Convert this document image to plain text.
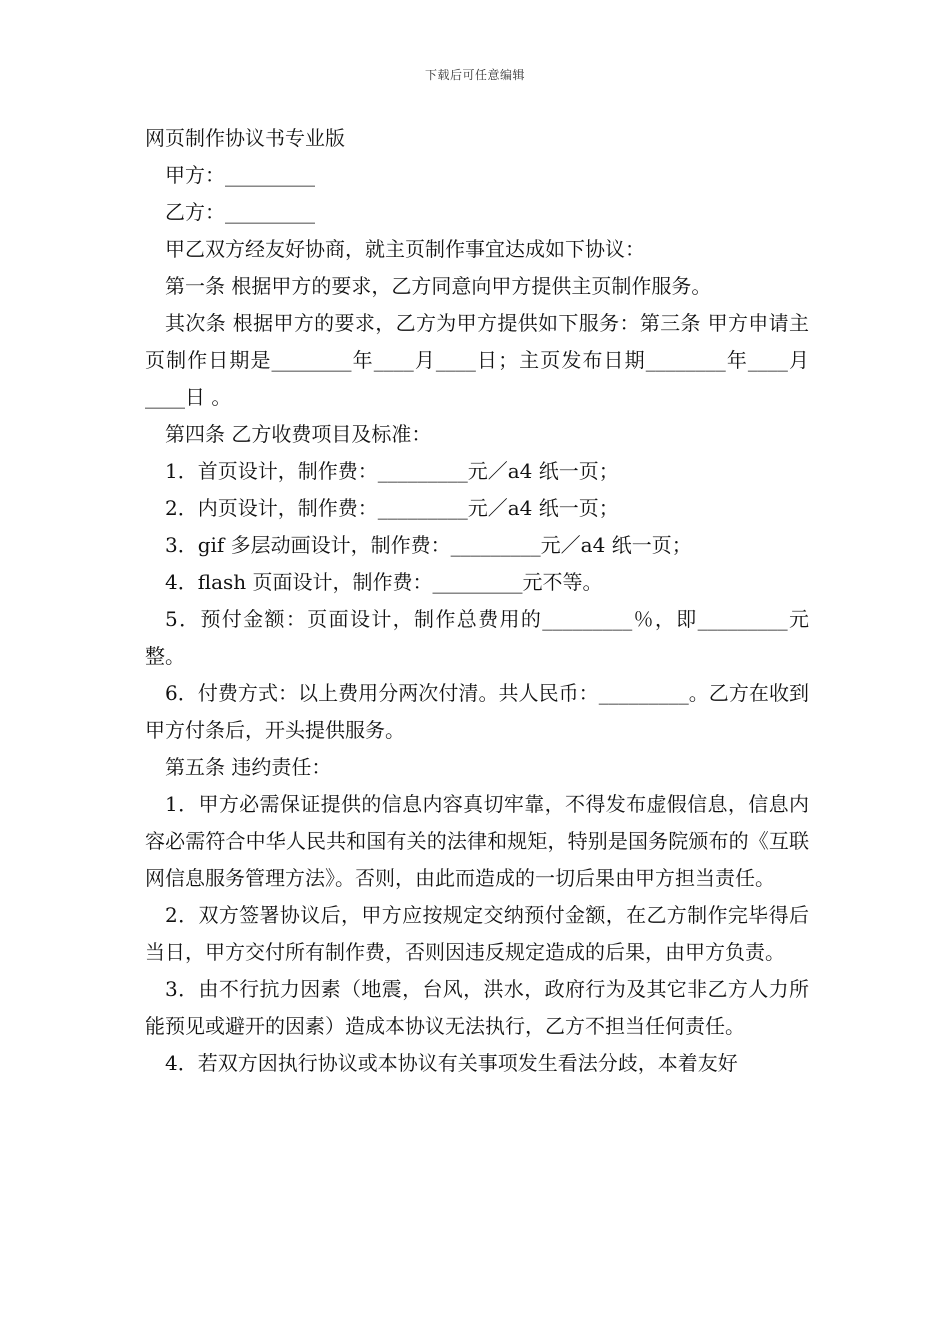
下载后可任意编辑

网页制作协议书专业版

甲方：_________

乙方：_________

甲乙双方经友好协商，就主页制作事宜达成如下协议：

第一条 根据甲方的要求，乙方同意向甲方提供主页制作服务。

其次条 根据甲方的要求，乙方为甲方提供如下服务：第三条 甲方申请主页制作日期是________年____月____日；主页发布日期________年____月____日 。

第四条 乙方收费项目及标准：

1．首页设计，制作费：_________元／a4 纸一页；

2．内页设计，制作费：_________元／a4 纸一页；

3．gif 多层动画设计，制作费：_________元／a4 纸一页；

4．flash 页面设计，制作费：_________元不等。

5．预付金额：页面设计，制作总费用的_________％，即_________元整。

6．付费方式：以上费用分两次付清。共人民币：_________。乙方在收到甲方付条后，开头提供服务。

第五条 违约责任：

1．甲方必需保证提供的信息内容真切牢靠，不得发布虚假信息，信息内容必需符合中华人民共和国有关的法律和规矩，特别是国务院颁布的《互联网信息服务管理方法》。否则，由此而造成的一切后果由甲方担当责任。

2．双方签署协议后，甲方应按规定交纳预付金额，在乙方制作完毕得后当日，甲方交付所有制作费，否则因违反规定造成的后果，由甲方负责。

3．由不行抗力因素（地震，台风，洪水，政府行为及其它非乙方人力所能预见或避开的因素）造成本协议无法执行，乙方不担当任何责任。

4．若双方因执行协议或本协议有关事项发生看法分歧，本着友好
